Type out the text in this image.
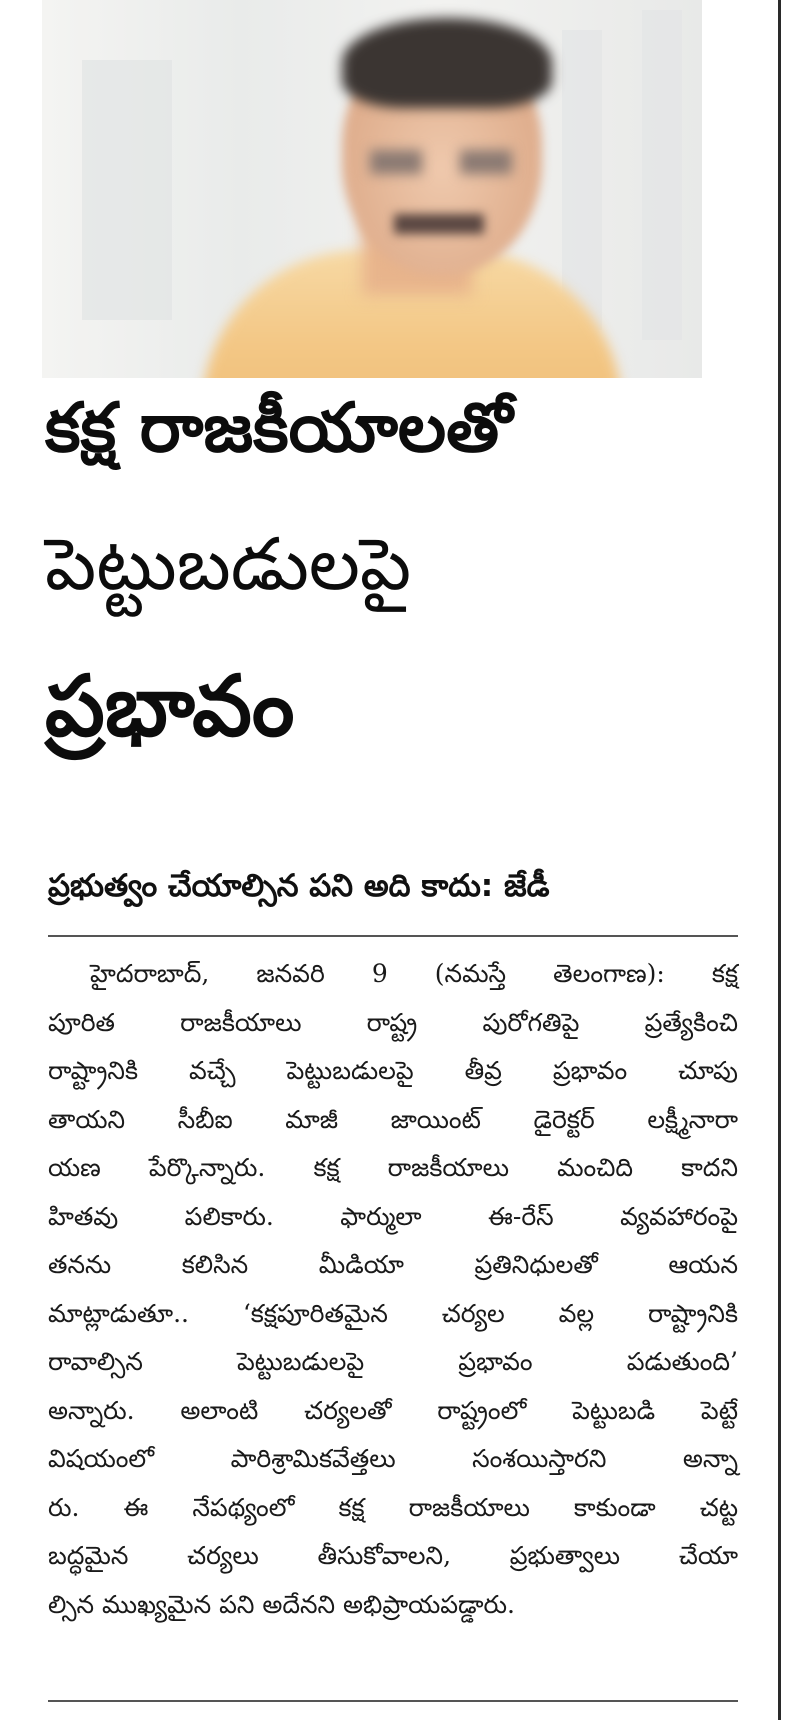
కక్ష రాజకీయాలతో
పెట్టుబడులపై
ప్రభావం
ప్రభుత్వం చేయాల్సిన పని అది కాదు: జేడీ
హైదరాబాద్, జనవరి 9 (నమస్తే తెలంగాణ): కక్ష
పూరిత రాజకీయాలు రాష్ట్ర పురోగతిపై ప్రత్యేకించి
రాష్ట్రానికి వచ్చే పెట్టుబడులపై తీవ్ర ప్రభావం చూపు
తాయని సీబీఐ మాజీ జాయింట్ డైరెక్టర్ లక్ష్మీనారా
యణ పేర్కొన్నారు. కక్ష రాజకీయాలు మంచిది కాదని
హితవు పలికారు. ఫార్ములా ఈ-రేస్ వ్యవహారంపై
తనను కలిసిన మీడియా ప్రతినిధులతో ఆయన
మాట్లాడుతూ.. ‘కక్షపూరితమైన చర్యల వల్ల రాష్ట్రానికి
రావాల్సిన పెట్టుబడులపై ప్రభావం పడుతుంది’
అన్నారు. అలాంటి చర్యలతో రాష్ట్రంలో పెట్టుబడి పెట్టే
విషయంలో పారిశ్రామికవేత్తలు సంశయిస్తారని అన్నా
రు. ఈ నేపథ్యంలో కక్ష రాజకీయాలు కాకుండా చట్ట
బద్ధమైన చర్యలు తీసుకోవాలని, ప్రభుత్వాలు చేయా
ల్సిన ముఖ్యమైన పని అదేనని అభిప్రాయపడ్డారు.
